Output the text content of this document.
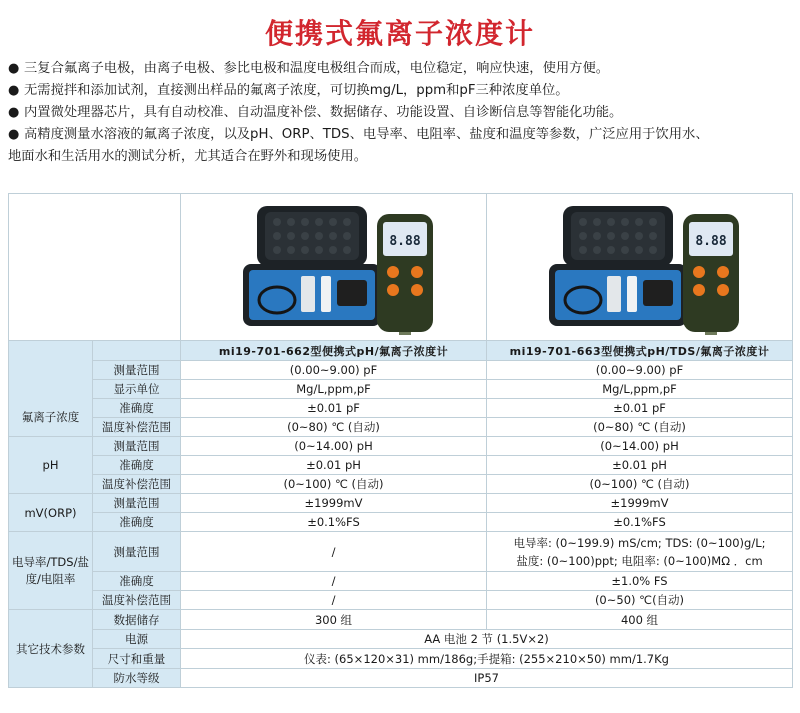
便携式氟离子浓度计
● 三复合氟离子电极，由离子电极、参比电极和温度电极组合而成，电位稳定，响应快速，使用方便。
● 无需搅拌和添加试剂，直接测出样品的氟离子浓度，可切换mg/L，ppm和pF三种浓度单位。
● 内置微处理器芯片，具有自动校准、自动温度补偿、数据储存、功能设置、自诊断信息等智能化功能。
● 高精度测量水溶液的氟离子浓度，以及pH、ORP、TDS、电导率、电阻率、盐度和温度等参数，广泛应用于饮用水、
地面水和生活用水的测试分析，尤其适合在野外和现场使用。

8.88	8.88

		mi19-701-662型便携式pH/氟离子浓度计	mi19-701-663型便携式pH/TDS/氟离子浓度计
	测量范围	(0.00~9.00) pF	(0.00~9.00) pF
	显示单位	Mg/L,ppm,pF	Mg/L,ppm,pF
氟离子浓度	准确度	±0.01 pF	±0.01 pF
	温度补偿范围	(0~80) ℃ (自动)	(0~80) ℃ (自动)
pH	测量范围	(0~14.00) pH	(0~14.00) pH
	准确度	±0.01 pH	±0.01 pH
	温度补偿范围	(0~100) ℃ (自动)	(0~100) ℃ (自动)
mV(ORP)	测量范围	±1999mV	±1999mV
	准确度	±0.1%FS	±0.1%FS
电导率/TDS/盐度/电阻率	测量范围	/	电导率: (0~199.9) mS/cm; TDS: (0~100)g/L;
盐度: (0~100)ppt; 电阻率: (0~100)MΩ ．cm

	准确度	/	±1.0% FS
	温度补偿范围	/	(0~50) ℃(自动)
其它技术参数	数据储存	300 组	400 组
	电源	AA 电池 2 节 (1.5V×2)	
	尺寸和重量	仪表: (65×120×31) mm/186g;手提箱: (255×210×50) mm/1.7Kg	
	防水等级	IP57	
